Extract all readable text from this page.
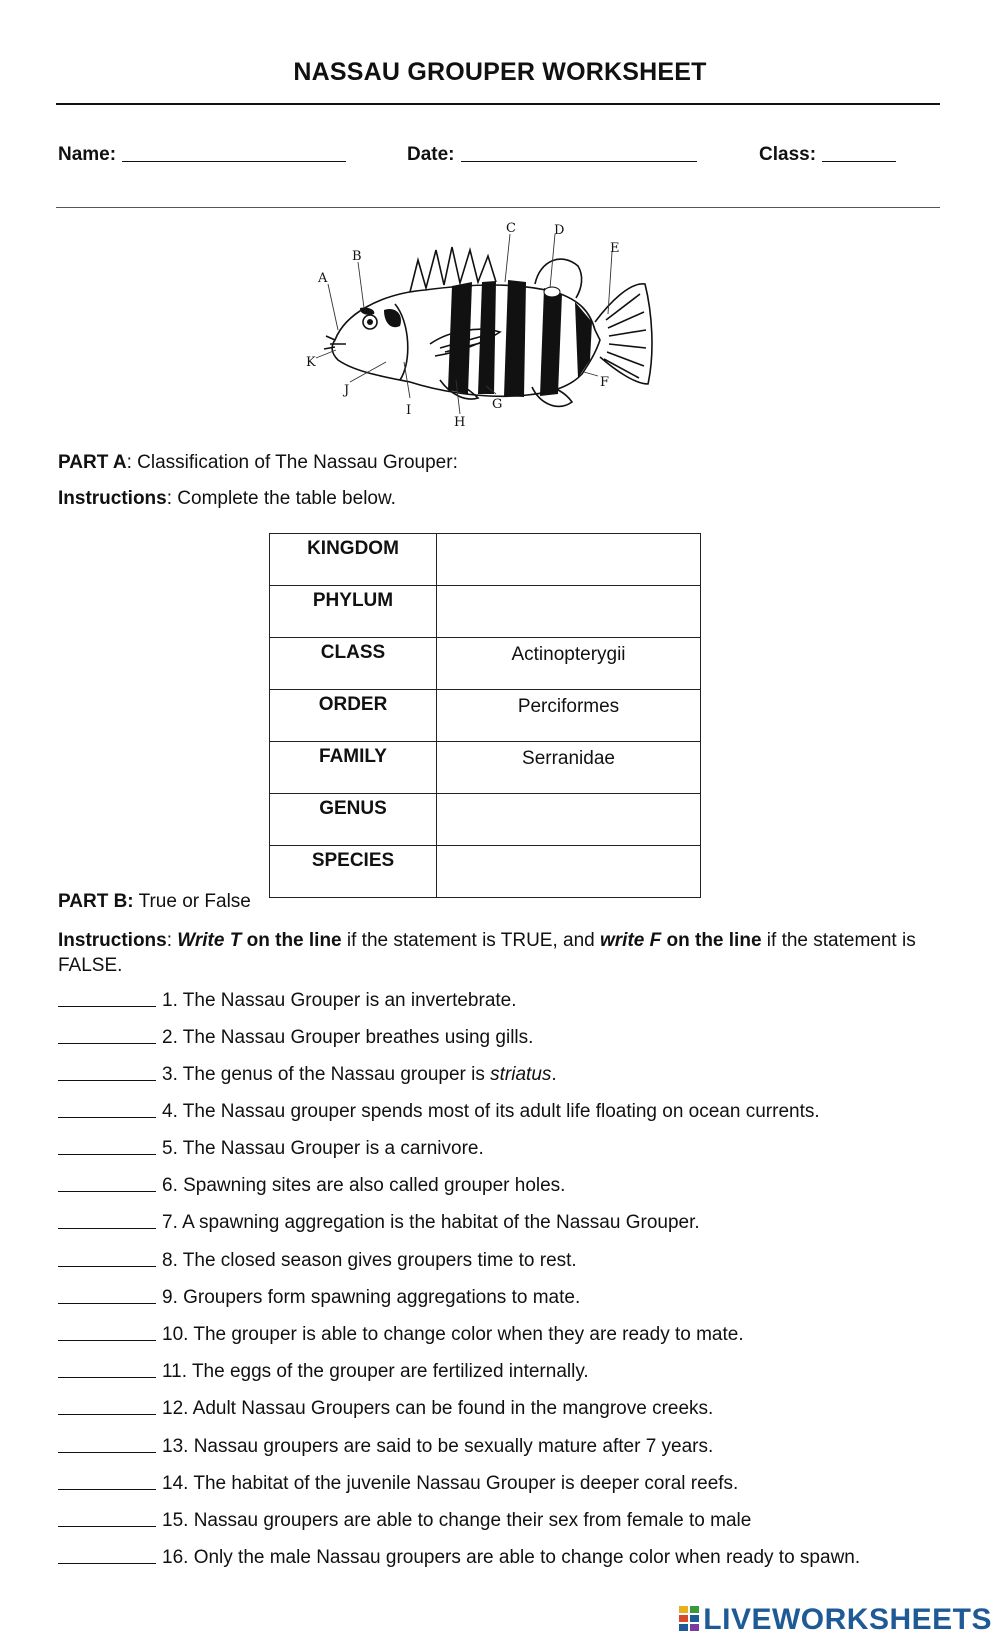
NASSAU GROUPER WORKSHEET
Name:	Date:	Class:
A
B
C	D
E
F
G
H
I
J
K
PART A: Classification of The Nassau Grouper:
Instructions: Complete the table below.
KINGDOM	
PHYLUM	
CLASS	Actinopterygii
ORDER	Perciformes
FAMILY	Serranidae
GENUS	
SPECIES	
PART B: True or False
Instructions: Write T on the line if the statement is TRUE, and write F on the line if the statement is FALSE.
1. The Nassau Grouper is an invertebrate.
2. The Nassau Grouper breathes using gills.
3. The genus of the Nassau grouper is striatus.
4. The Nassau grouper spends most of its adult life floating on ocean currents.
5. The Nassau Grouper is a carnivore.
6. Spawning sites are also called grouper holes.
7. A spawning aggregation is the habitat of the Nassau Grouper.
8. The closed season gives groupers time to rest.
9. Groupers form spawning aggregations to mate.
10. The grouper is able to change color when they are ready to mate.
11. The eggs of the grouper are fertilized internally.
12. Adult Nassau Groupers can be found in the mangrove creeks.
13. Nassau groupers are said to be sexually mature after 7 years.
14. The habitat of the juvenile Nassau Grouper is deeper coral reefs.
15. Nassau groupers are able to change their sex from female to male
16. Only the male Nassau groupers are able to change color when ready to spawn.
LIVEWORKSHEETS
